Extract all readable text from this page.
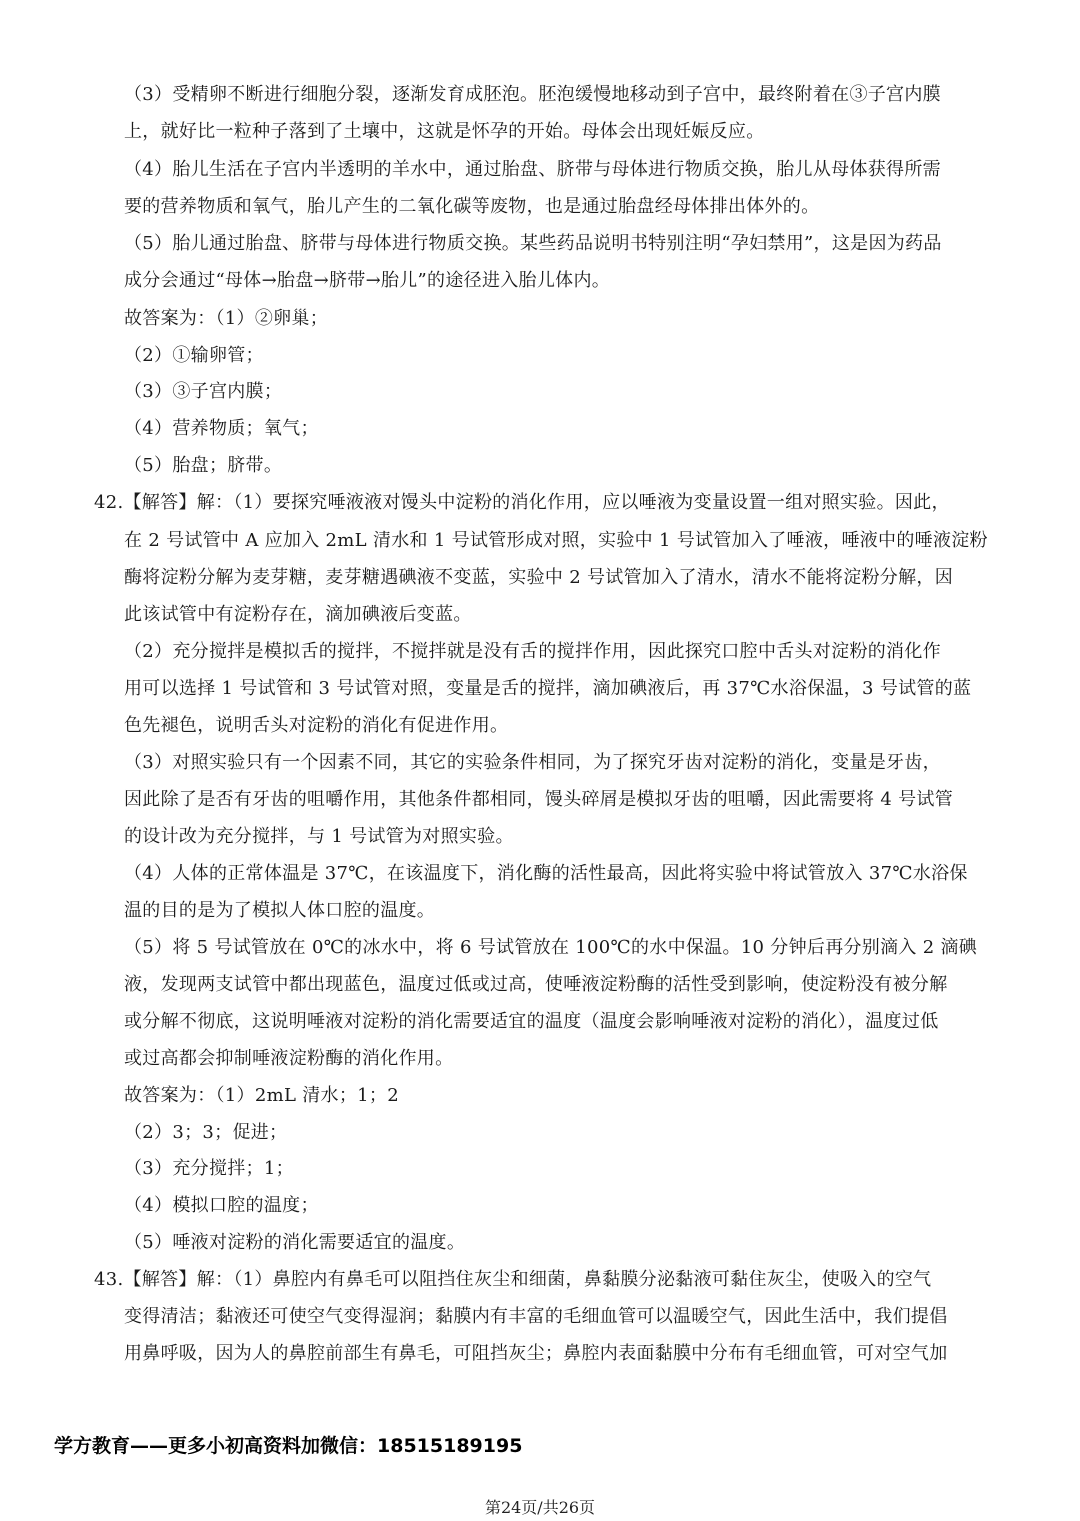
（3）受精卵不断进行细胞分裂，逐渐发育成胚泡。胚泡缓慢地移动到子宫中，最终附着在③子宫内膜
上，就好比一粒种子落到了土壤中，这就是怀孕的开始。母体会出现妊娠反应。
（4）胎儿生活在子宫内半透明的羊水中，通过胎盘、脐带与母体进行物质交换，胎儿从母体获得所需
要的营养物质和氧气，胎儿产生的二氧化碳等废物，也是通过胎盘经母体排出体外的。
（5）胎儿通过胎盘、脐带与母体进行物质交换。某些药品说明书特别注明“孕妇禁用”，这是因为药品
成分会通过“母体→胎盘→脐带→胎儿”的途径进入胎儿体内。
故答案为：（1）②卵巢；
（2）①输卵管；
（3）③子宫内膜；
（4）营养物质；氧气；
（5）胎盘；脐带。
42.【解答】解：（1）要探究唾液液对馒头中淀粉的消化作用，应以唾液为变量设置一组对照实验。因此，
在 2 号试管中 A 应加入 2mL 清水和 1 号试管形成对照，实验中 1 号试管加入了唾液，唾液中的唾液淀粉
酶将淀粉分解为麦芽糖，麦芽糖遇碘液不变蓝，实验中 2 号试管加入了清水，清水不能将淀粉分解，因
此该试管中有淀粉存在，滴加碘液后变蓝。
（2）充分搅拌是模拟舌的搅拌，不搅拌就是没有舌的搅拌作用，因此探究口腔中舌头对淀粉的消化作
用可以选择 1 号试管和 3 号试管对照，变量是舌的搅拌，滴加碘液后，再 37℃水浴保温，3 号试管的蓝
色先褪色，说明舌头对淀粉的消化有促进作用。
（3）对照实验只有一个因素不同，其它的实验条件相同，为了探究牙齿对淀粉的消化，变量是牙齿，
因此除了是否有牙齿的咀嚼作用，其他条件都相同，馒头碎屑是模拟牙齿的咀嚼，因此需要将 4 号试管
的设计改为充分搅拌，与 1 号试管为对照实验。
（4）人体的正常体温是 37℃，在该温度下，消化酶的活性最高，因此将实验中将试管放入 37℃水浴保
温的目的是为了模拟人体口腔的温度。
（5）将 5 号试管放在 0℃的冰水中，将 6 号试管放在 100℃的水中保温。10 分钟后再分别滴入 2 滴碘
液，发现两支试管中都出现蓝色，温度过低或过高，使唾液淀粉酶的活性受到影响，使淀粉没有被分解
或分解不彻底，这说明唾液对淀粉的消化需要适宜的温度（温度会影响唾液对淀粉的消化），温度过低
或过高都会抑制唾液淀粉酶的消化作用。
故答案为：（1）2mL 清水；1；2
（2）3；3；促进；
（3）充分搅拌；1；
（4）模拟口腔的温度；
（5）唾液对淀粉的消化需要适宜的温度。
43.【解答】解：（1）鼻腔内有鼻毛可以阻挡住灰尘和细菌，鼻黏膜分泌黏液可黏住灰尘，使吸入的空气
变得清洁；黏液还可使空气变得湿润；黏膜内有丰富的毛细血管可以温暖空气，因此生活中，我们提倡
用鼻呼吸，因为人的鼻腔前部生有鼻毛，可阻挡灰尘；鼻腔内表面黏膜中分布有毛细血管，可对空气加
学方教育——更多小初高资料加微信：18515189195
第24页/共26页
